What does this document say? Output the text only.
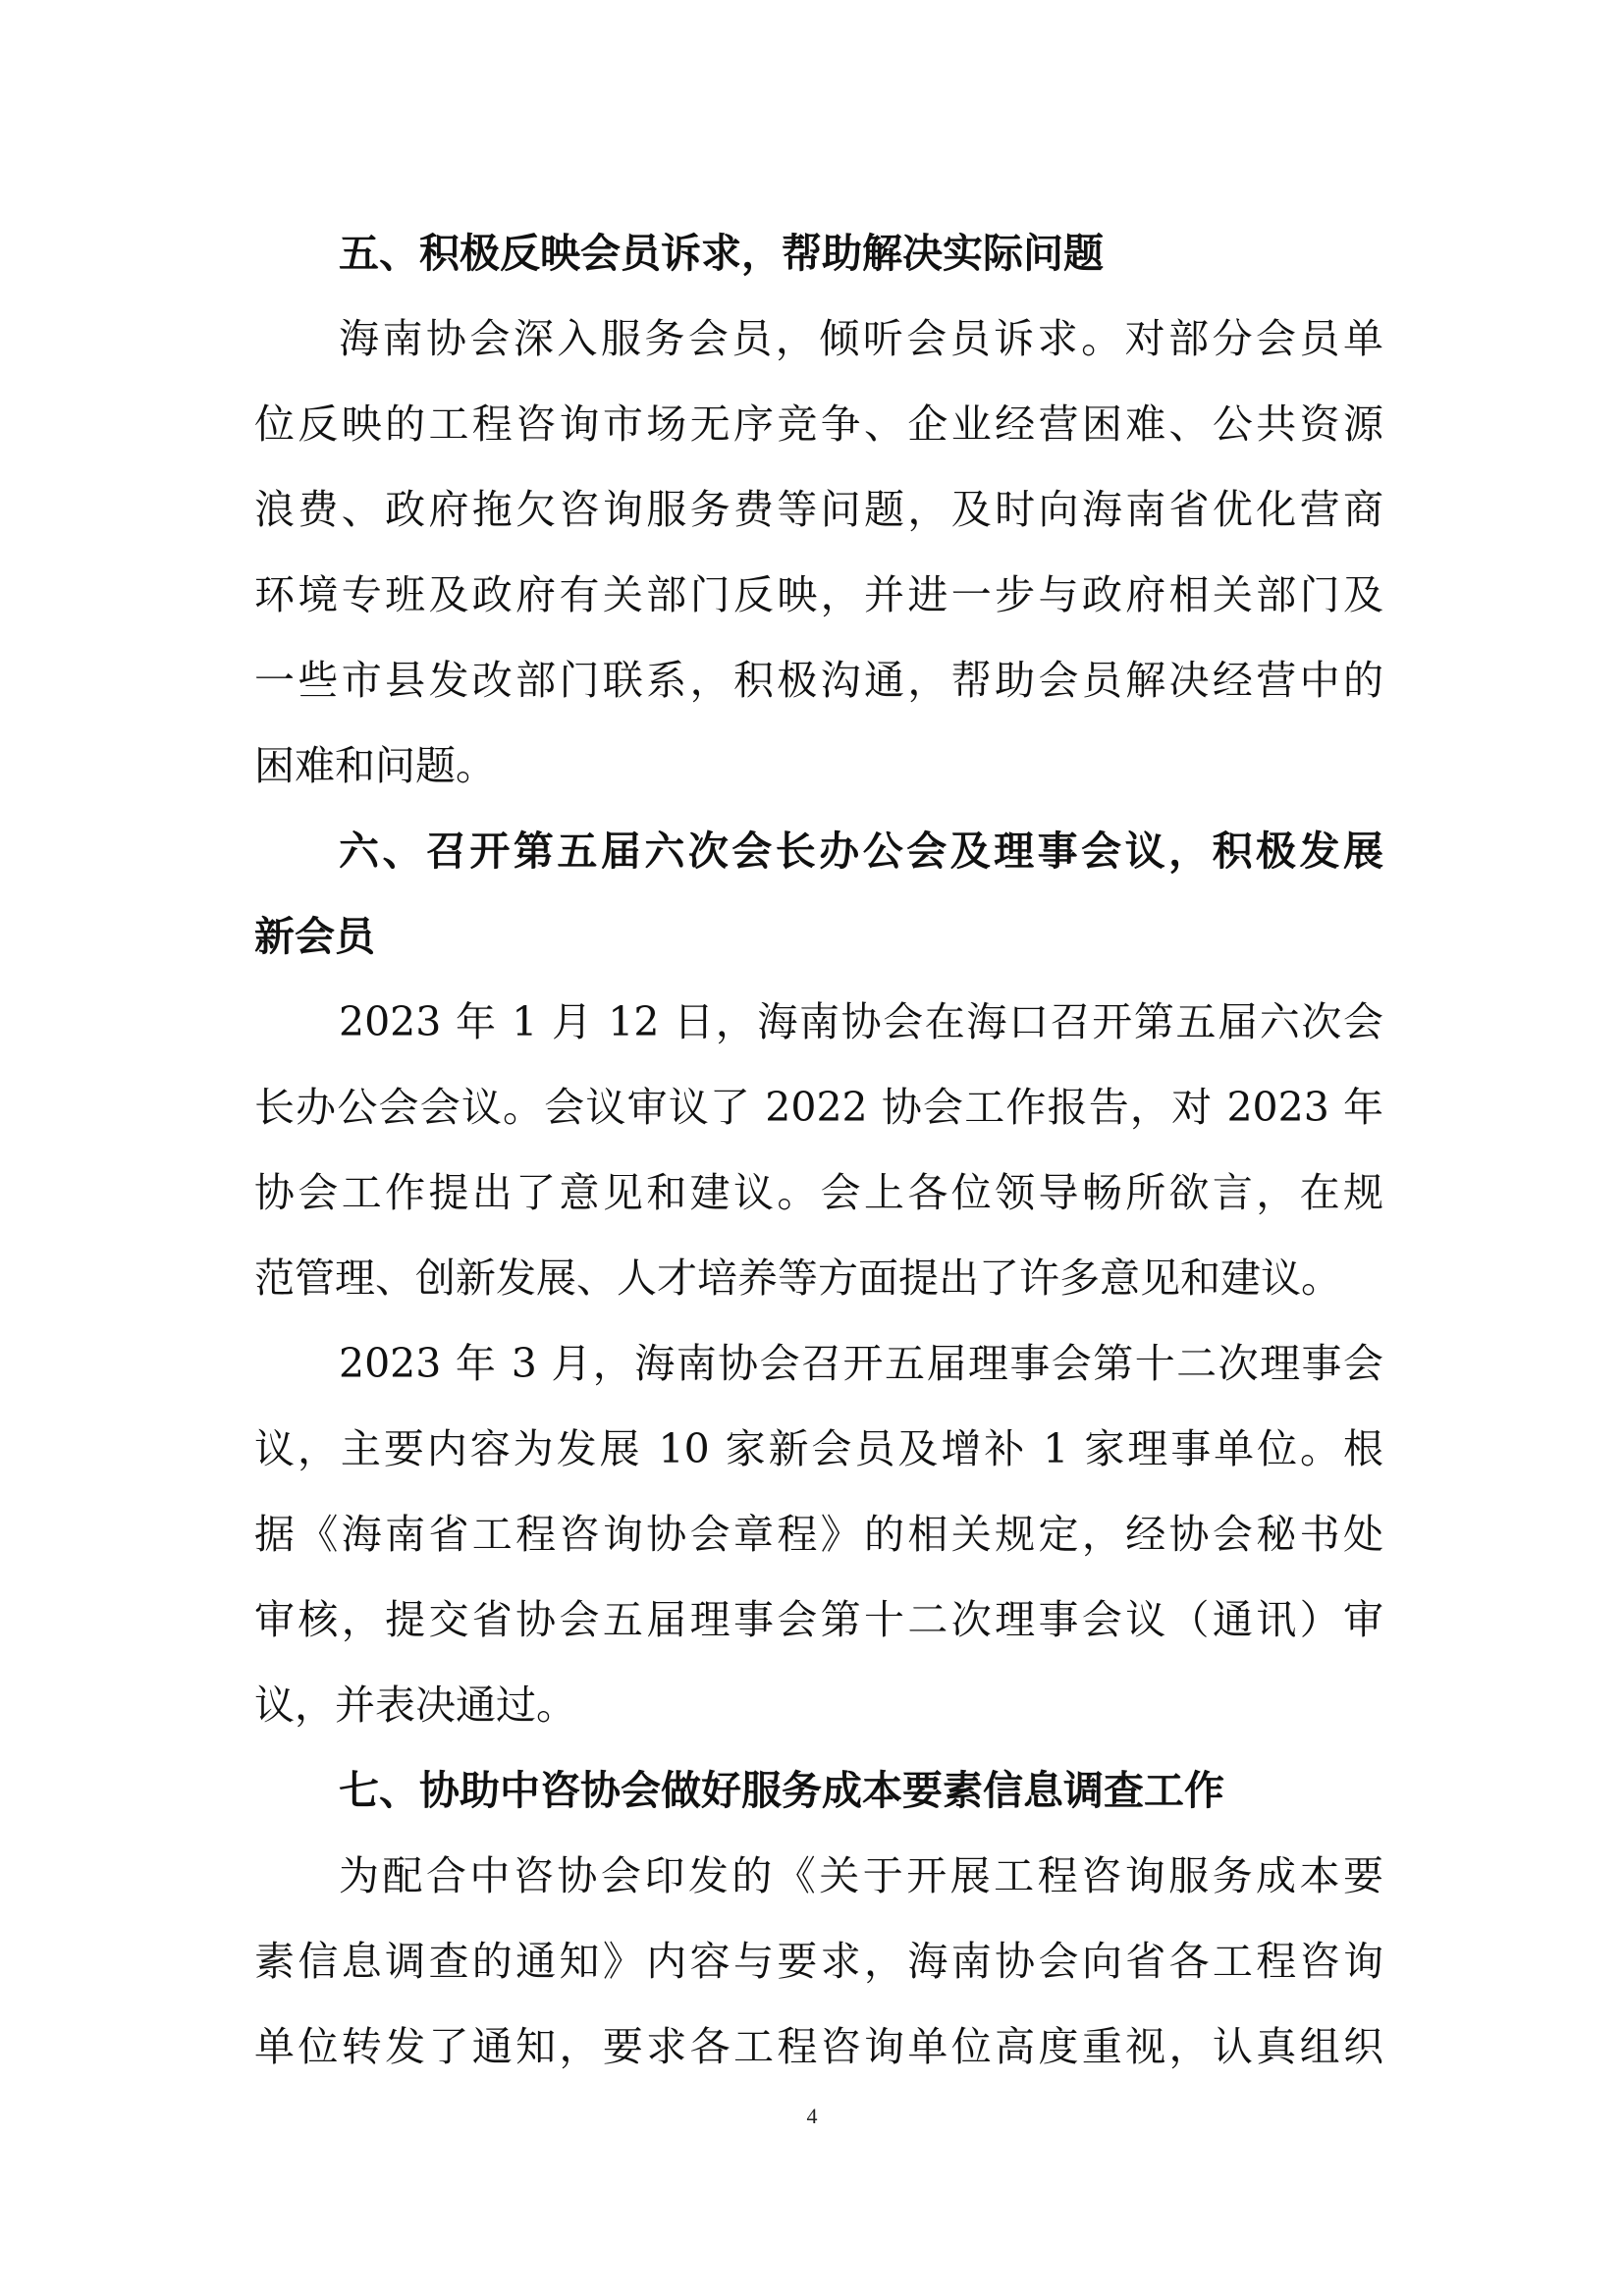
五、积极反映会员诉求，帮助解决实际问题
海南协会深入服务会员，倾听会员诉求。对部分会员单
位反映的工程咨询市场无序竞争、企业经营困难、公共资源
浪费、政府拖欠咨询服务费等问题，及时向海南省优化营商
环境专班及政府有关部门反映，并进一步与政府相关部门及
一些市县发改部门联系，积极沟通，帮助会员解决经营中的
困难和问题。
六、召开第五届六次会长办公会及理事会议，积极发展
新会员
2023 年 1 月 12 日，海南协会在海口召开第五届六次会
长办公会会议。会议审议了 2022 协会工作报告，对 2023 年
协会工作提出了意见和建议。会上各位领导畅所欲言，在规
范管理、创新发展、人才培养等方面提出了许多意见和建议。
2023 年 3 月，海南协会召开五届理事会第十二次理事会
议，主要内容为发展 10 家新会员及增补 1 家理事单位。根
据《海南省工程咨询协会章程》的相关规定，经协会秘书处
审核，提交省协会五届理事会第十二次理事会议（通讯）审
议，并表决通过。
七、协助中咨协会做好服务成本要素信息调查工作
为配合中咨协会印发的《关于开展工程咨询服务成本要
素信息调查的通知》内容与要求，海南协会向省各工程咨询
单位转发了通知，要求各工程咨询单位高度重视，认真组织
4
